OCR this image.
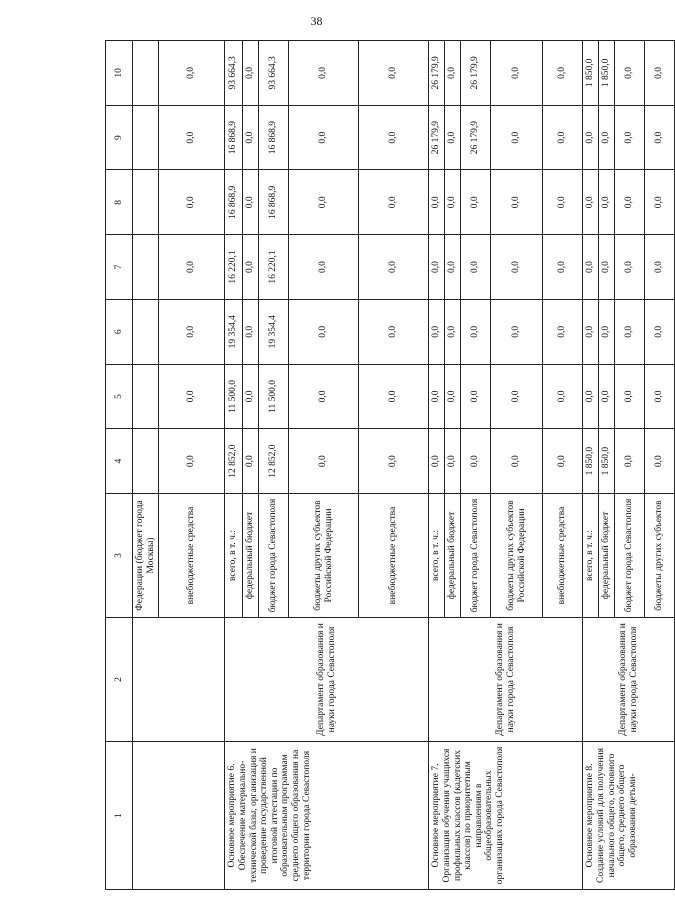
38
1	2	3	4	5	6	7	8	9	10
		Федерации (бюджет города Москвы)							
		внебюджетные средства	0,0	0,0	0,0	0,0	0,0	0,0	0,0
Основное мероприятие 6. Обеспечение материально-технической базы, организация и проведение государственной итоговой аттестации по образовательным программам среднего общего образования на территории города Севастополя	Департамент образования и науки города Севастополя	всего, в т. ч.:	12 852,0	11 500,0	19 354,4	16 220,1	16 868,9	16 868,9	93 664,3
		федеральный бюджет	0,0	0,0	0,0	0,0	0,0	0,0	0,0
		бюджет города Севастополя	12 852,0	11 500,0	19 354,4	16 220,1	16 868,9	16 868,9	93 664,3
		бюджеты других субъектов Российской Федерации	0,0	0,0	0,0	0,0	0,0	0,0	0,0
		внебюджетные средства	0,0	0,0	0,0	0,0	0,0	0,0	0,0
Основное мероприятие 7. Организация обучения учащихся профильных классов (кадетских классов) по приоритетным направлениям в общеобразовательных организациях города Севастополя	Департамент образования и науки города Севастополя	всего, в т. ч.:	0,0	0,0	0,0	0,0	0,0	26 179,9	26 179,9
		федеральный бюджет	0,0	0,0	0,0	0,0	0,0	0,0	0,0
		бюджет города Севастополя	0,0	0,0	0,0	0,0	0,0	26 179,9	26 179,9
		бюджеты других субъектов Российской Федерации	0,0	0,0	0,0	0,0	0,0	0,0	0,0
		внебюджетные средства	0,0	0,0	0,0	0,0	0,0	0,0	0,0
Основное мероприятие 8. Создание условий для получения начального общего, основного общего, среднего общего образования детьми-	Департамент образования и науки города Севастополя	всего, в т. ч.:	1 850,0	0,0	0,0	0,0	0,0	0,0	1 850,0
		федеральный бюджет	1 850,0	0,0	0,0	0,0	0,0	0,0	1 850,0
		бюджет города Севастополя	0,0	0,0	0,0	0,0	0,0	0,0	0,0
		бюджеты других субъектов	0,0	0,0	0,0	0,0	0,0	0,0	0,0
